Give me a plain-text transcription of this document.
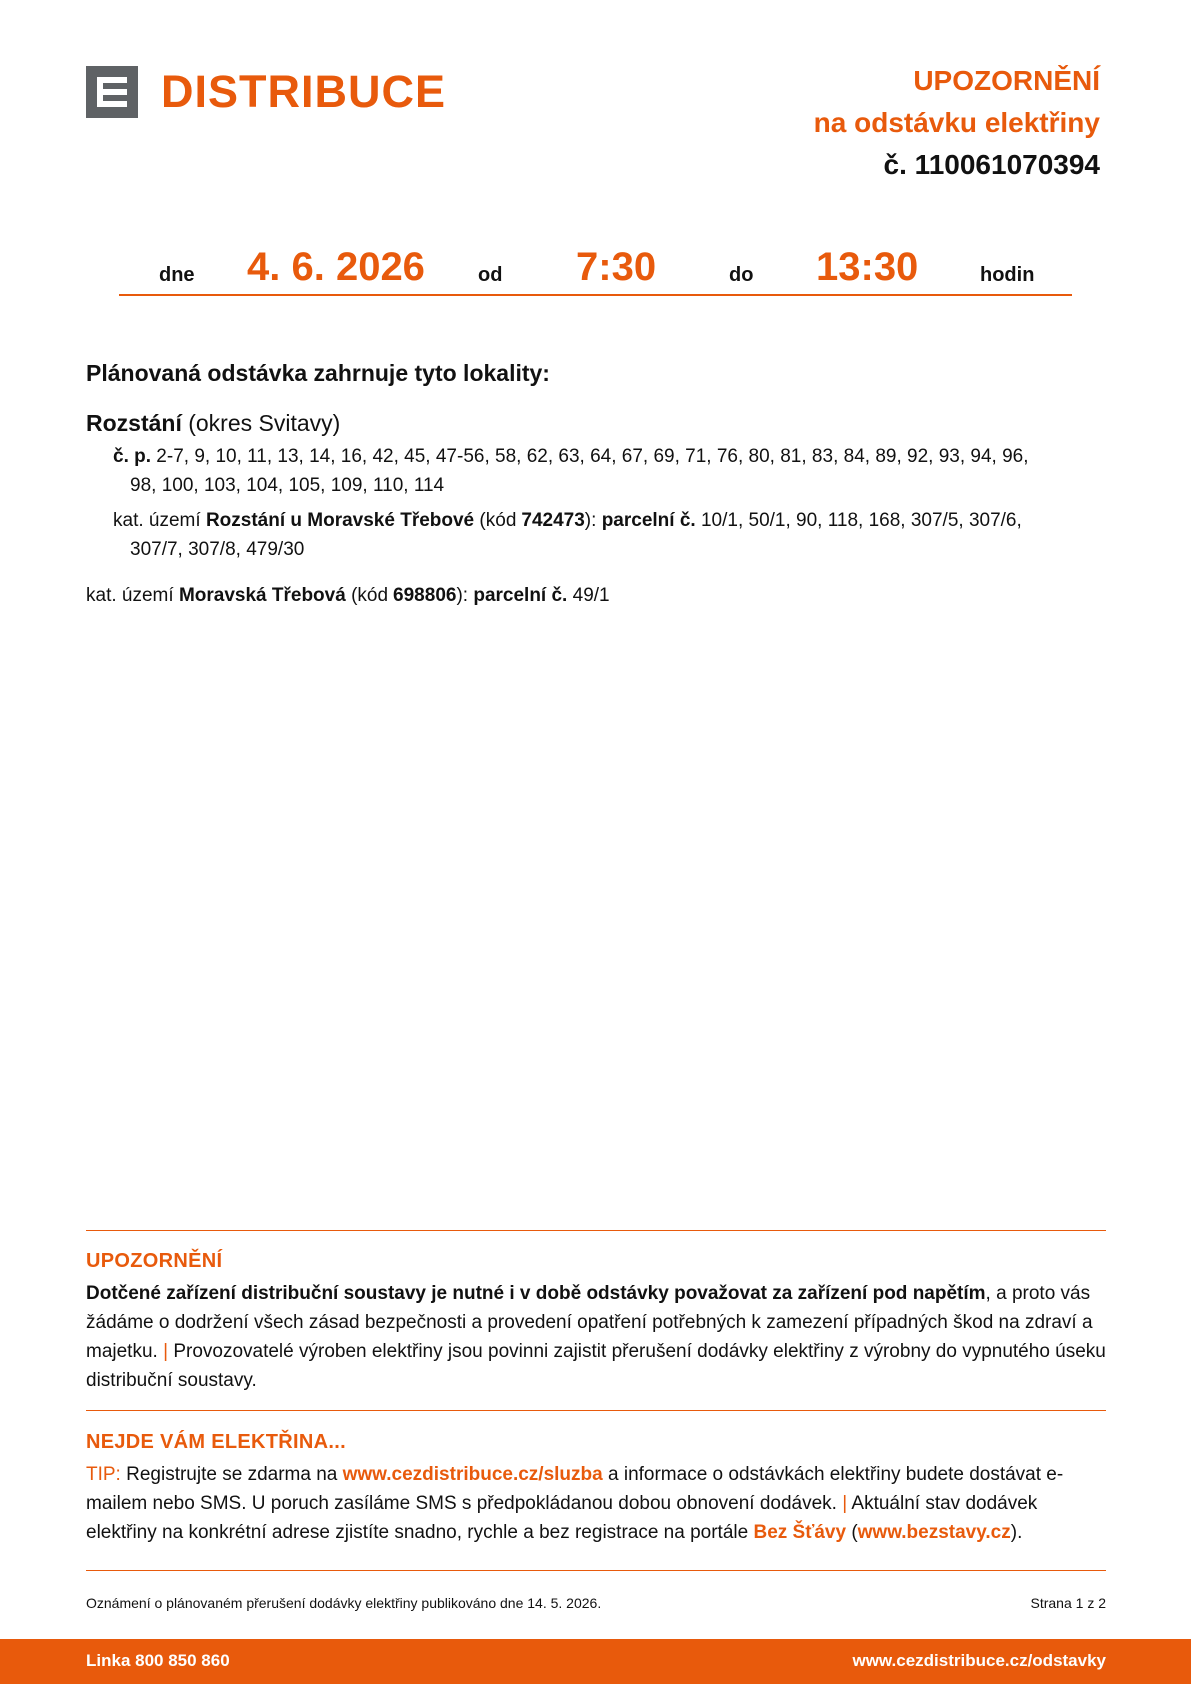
DISTRIBUCE	UPOZORNĚNÍ
na odstávku elektřiny
č. 110061070394
dne 4. 6. 2026	od 7:30	do 13:30	hodin
Plánovaná odstávka zahrnuje tyto lokality:
Rozstání (okres Svitavy)
č. p. 2-7, 9, 10, 11, 13, 14, 16, 42, 45, 47-56, 58, 62, 63, 64, 67, 69, 71, 76, 80, 81, 83, 84, 89, 92, 93, 94, 96,
98, 100, 103, 104, 105, 109, 110, 114
kat. území Rozstání u Moravské Třebové (kód 742473): parcelní č. 10/1, 50/1, 90, 118, 168, 307/5, 307/6,
307/7, 307/8, 479/30
kat. území Moravská Třebová (kód 698806): parcelní č. 49/1
UPOZORNĚNÍ
Dotčené zařízení distribuční soustavy je nutné i v době odstávky považovat za zařízení pod napětím, a proto vás žádáme o dodržení všech zásad bezpečnosti a provedení opatření potřebných k zamezení případných škod na zdraví a majetku. | Provozovatelé výroben elektřiny jsou povinni zajistit přerušení dodávky elektřiny z výrobny do vypnutého úseku distribuční soustavy.
NEJDE VÁM ELEKTŘINA...
TIP: Registrujte se zdarma na www.cezdistribuce.cz/sluzba a informace o odstávkách elektřiny budete dostávat e-mailem nebo SMS. U poruch zasíláme SMS s předpokládanou dobou obnovení dodávek. | Aktuální stav dodávek elektřiny na konkrétní adrese zjistíte snadno, rychle a bez registrace na portále Bez Šťávy (www.bezstavy.cz).
Oznámení o plánovaném přerušení dodávky elektřiny publikováno dne 14. 5. 2026.	Strana 1 z 2
Linka 800 850 860	www.cezdistribuce.cz/odstavky
